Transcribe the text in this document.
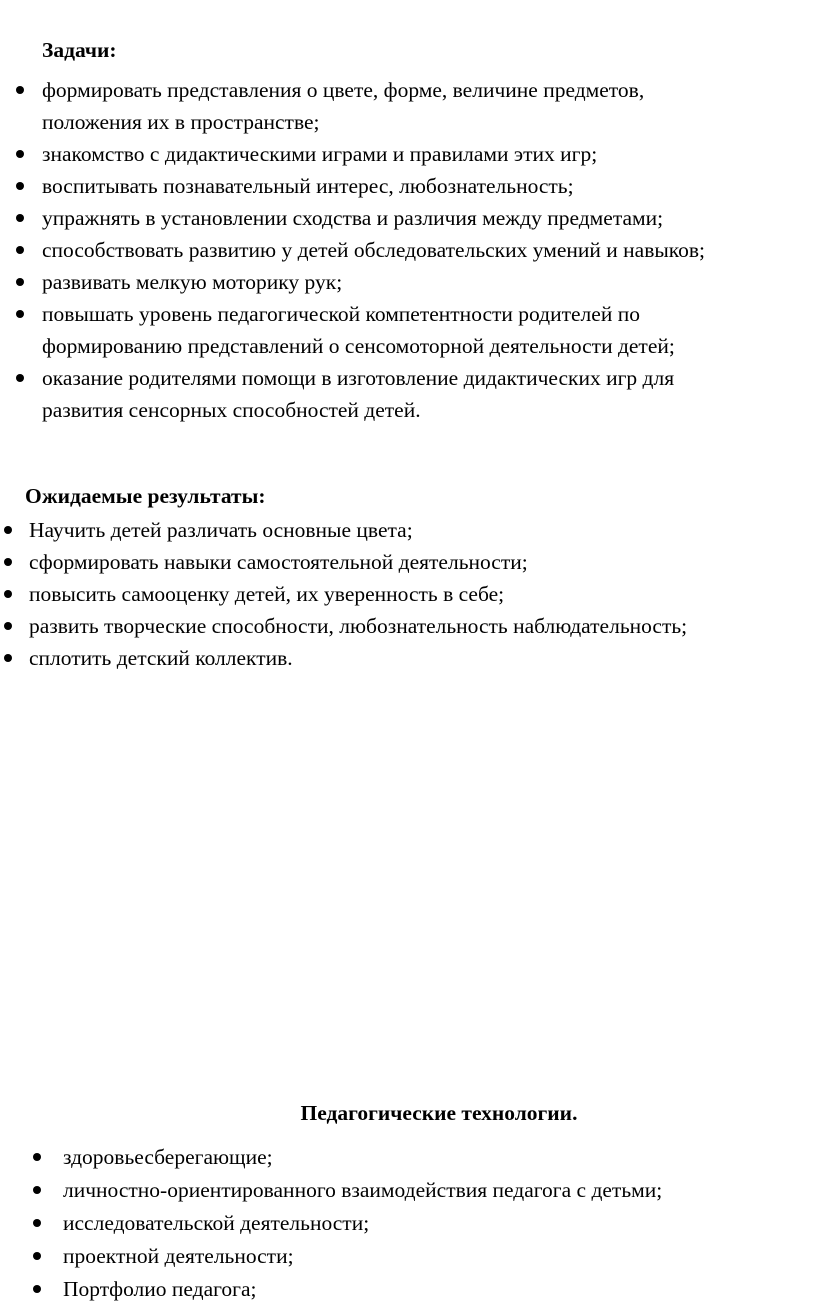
Задачи:
формировать представления о цвете, форме, величине предметов,
положения их в пространстве;
знакомство с дидактическими играми и правилами этих игр;
воспитывать познавательный интерес, любознательность;
упражнять в установлении сходства и различия между предметами;
способствовать развитию у детей обследовательских умений и навыков;
развивать мелкую моторику рук;
повышать уровень педагогической компетентности родителей по
формированию представлений о сенсомоторной деятельности детей;
оказание родителями помощи в изготовление дидактических игр для
развития сенсорных способностей детей.
Ожидаемые результаты:
Научить детей различать основные цвета;
сформировать навыки самостоятельной деятельности;
повысить самооценку детей, их уверенность в себе;
развить творческие способности, любознательность наблюдательность;
сплотить детский коллектив.
Педагогические технологии.
здоровьесберегающие;
личностно-ориентированного взаимодействия педагога с детьми;
исследовательской деятельности;
проектной деятельности;
Портфолио педагога;
